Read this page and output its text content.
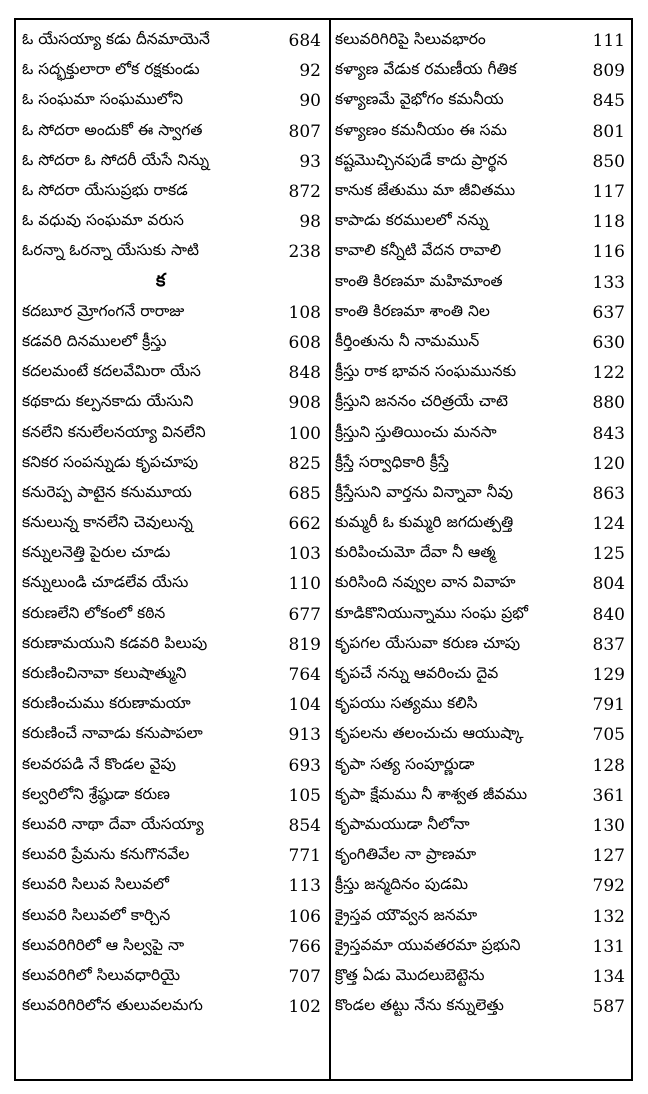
ఓ యేసయ్యా కడు దీనమాయెనే	684
ఓ సద్భక్తులారా లోక రక్షకుండు	92
ఓ సంఘమా సంఘములోని	90
ఓ సోదరా అందుకో ఈ స్వాగత	807
ఓ సోదరా ఓ సోదరీ యేసే నిన్ను	93
ఓ సోదరా యేసుప్రభు రాకడ	872
ఓ వధువు సంఘమా వరుస	98
ఓరన్నా ఓరన్నా యేసుకు సాటి	238
క
కదబూర మ్రోగంగనే రారాజు	108
కడవరి దినములలో క్రీస్తు	608
కదలమంటే కదలవేమిరా యేస	848
కథకాదు కల్పనకాదు యేసుని	908
కనలేని కనులేలనయ్యా వినలేని	100
కనికర సంపన్నుడు కృపచూపు	825
కనురెప్ప పాటైన కనుమూయ	685
కనులున్న కానలేని చెవులున్న	662
కన్నులనెత్తి పైరుల చూడు	103
కన్నులుండి చూడలేవ యేసు	110
కరుణలేని లోకంలో కఠిన	677
కరుణామయుని కడవరి పిలుపు	819
కరుణించినావా కలుషాత్ముని	764
కరుణించుము కరుణామయా	104
కరుణించే నావాడు కనుపాపలా	913
కలవరపడి నే కొండల వైపు	693
కల్వరిలోని శ్రేష్ఠుడా కరుణ	105
కలువరి నాథా దేవా యేసయ్యా	854
కలువరి ప్రేమను కనుగొనవేల	771
కలువరి సిలువ సిలువలో	113
కలువరి సిలువలో కార్చిన	106
కలువరిగిరిలో ఆ సిల్వపై నా	766
కలువరిగిలో సిలువధారియై	707
కలువరిగిరిలోన తులువలమగు	102
కలువరిగిరిపై సిలువభారం	111
కళ్యాణ వేడుక రమణీయ గీతిక	809
కళ్యాణమే వైభోగం కమనీయ	845
కళ్యాణం కమనీయం ఈ సమ	801
కష్టమొచ్చినపుడే కాదు ప్రార్థన	850
కానుక జేతుము మా జీవితము	117
కాపాడు కరములలో నన్ను	118
కావాలి కన్నీటి వేదన రావాలి	116
కాంతి కిరణమా మహిమాంత	133
కాంతి కిరణమా శాంతి నిల	637
కీర్తింతును నీ నామమున్	630
క్రీస్తు రాక భావన సంఘమునకు	122
క్రీస్తుని జననం చరిత్రయే చాటె	880
క్రీస్తుని స్తుతియించు మనసా	843
క్రీస్తే సర్వాధికారి క్రీస్తే	120
క్రీస్తేసుని వార్తను విన్నావా నీవు	863
కుమ్మరీ ఓ కుమ్మరి జగదుత్పత్తి	124
కురిపించుమో దేవా నీ ఆత్మ	125
కురిసింది నవ్వుల వాన వివాహ	804
కూడికొనియున్నాము సంఘ ప్రభో	840
కృపగల యేసువా కరుణ చూపు	837
కృపచే నన్ను ఆవరించు దైవ	129
కృపయు సత్యము కలిసి	791
కృపలను తలంచుచు ఆయుష్కా	705
కృపా సత్య సంపూర్ణుడా	128
కృపా క్షేమము నీ శాశ్వత జీవము	361
కృపామయుడా నీలోనా	130
కృంగితివేల నా ప్రాణమా	127
క్రీస్తు జన్మదినం పుడమి	792
క్రైస్తవ యౌవ్వన జనమా	132
క్రైస్తవమా యువతరమా ప్రభుని	131
క్రొత్త ఏడు మొదలుబెట్టెను	134
కొండల తట్టు నేను కన్నులెత్తు	587
